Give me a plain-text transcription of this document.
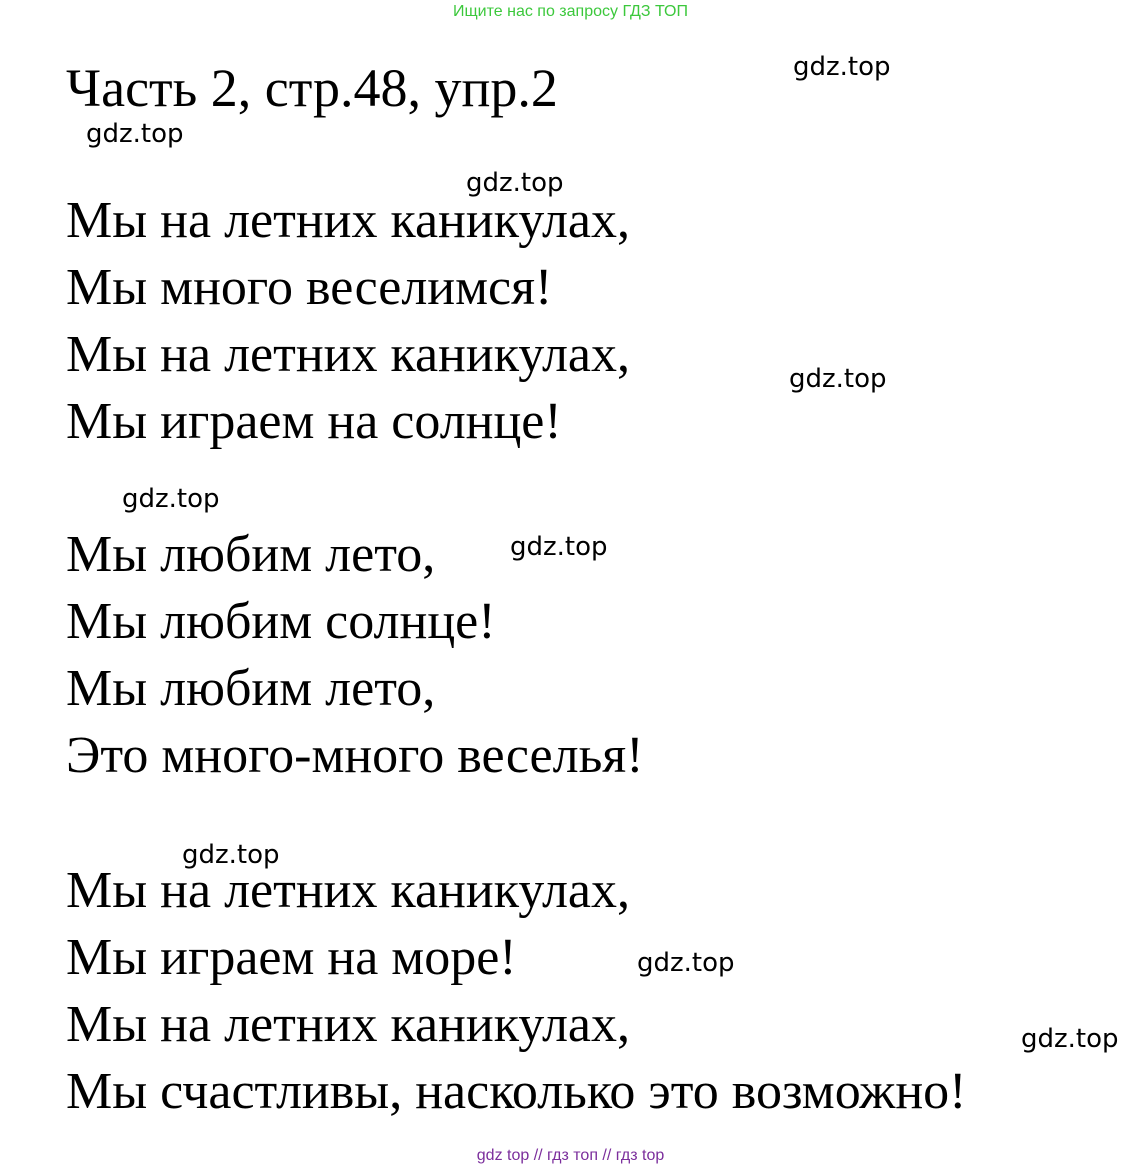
Ищите нас по запросу ГДЗ ТОП
Часть 2, стр.48, упр.2
Мы на летних каникулах,
Мы много веселимся!
Мы на летних каникулах,
Мы играем на солнце!
Мы любим лето,
Мы любим солнце!
Мы любим лето,
Это много-много веселья!
Мы на летних каникулах,
Мы играем на море!
Мы на летних каникулах,
Мы счастливы, насколько это возможно!
gdz.top
gdz.top
gdz.top
gdz.top
gdz.top
gdz.top
gdz.top
gdz.top
gdz.top
gdz top // гдз топ // гдз top
